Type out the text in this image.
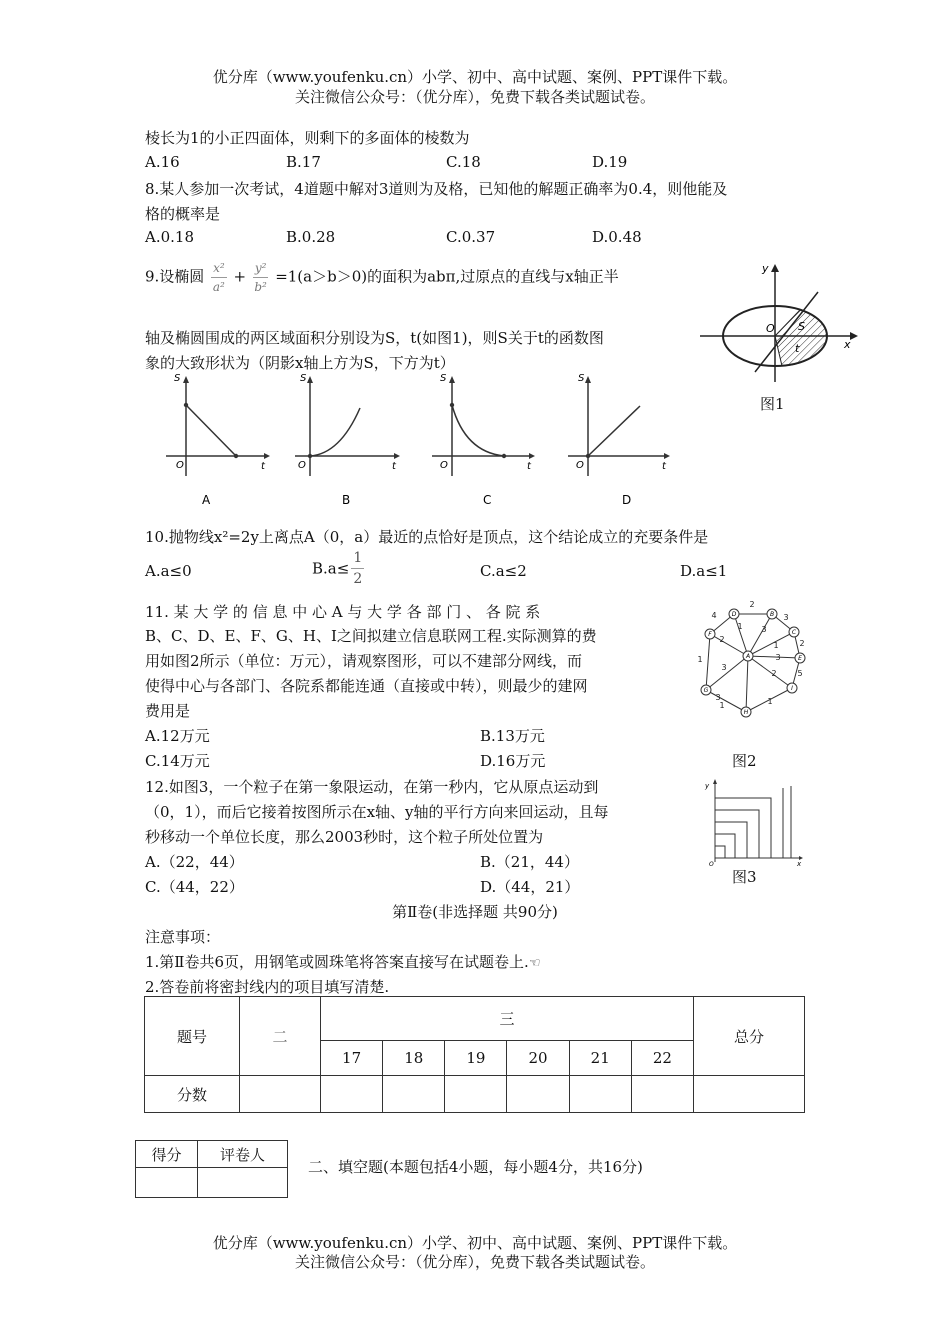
优分库（www.youfenku.cn）小学、初中、高中试题、案例、PPT课件下载。
关注微信公众号：（优分库），免费下载各类试题试卷。
棱长为1的小正四面体，则剩下的多面体的棱数为
A.16	B.17	C.18	D.19
8.某人参加一次考试，4道题中解对3道则为及格，已知他的解题正确率为0.4，则他能及
格的概率是
A.0.18	B.0.28	C.0.37	D.0.48
9.设椭圆 $\frac{\text{x²}}{\text{a²}} + \frac{\text{y²}}{\text{b²}} =1(a>b>0)$的面积为abπ,过原点的直线与x轴正半
轴及椭圆围成的两区域面积分别设为S，t(如图1)，则S关于t的函数图
象的大致形状为（阴影x轴上方为S，下方为t）
O
y
x
S
t
图1
S
O	t
A
S
O	t
B
S
O	t
C
S
O	t
D
10.抛物线x²=2y上离点A（0，a）最近的点恰好是顶点，这个结论成立的充要条件是
A.a≤0	$B.a\le \frac{1}{2}$	C.a≤2	D.a≤1
11. 某 大 学 的 信 息 中 心 A 与 大 学 各 部 门 、 各 院 系
B、C、D、E、F、G、H、I之间拟建立信息联网工程.实际测算的费
用如图2所示（单位：万元），请观察图形，可以不建部分网线，而
使得中心与各部门、各院系都能连通（直接或中转），则最少的建网
费用是
A.12万元	B.13万元
C.14万元	D.16万元
A
B
C
D
E
F
G
H
I
2
4
1
2
3
3
1	2
3
2	5
3
1
3
1	1
图2
12.如图3，一个粒子在第一象限运动，在第一秒内，它从原点运动到
（0，1），而后它接着按图所示在x轴、y轴的平行方向来回运动，且每
秒移动一个单位长度，那么2003秒时，这个粒子所处位置为
A.（22，44）	B.（21，44）
C.（44，22）	D.（44，21）
y
x
O
图3
第Ⅱ卷(非选择题 共90分)
注意事项：
1.第Ⅱ卷共6页，用钢笔或圆珠笔将答案直接写在试题卷上.☜
2.答卷前将密封线内的项目填写清楚.
题号	二	三						总分
		17	18	19	20	21	22	
分数								
得分	评卷人

二、填空题(本题包括4小题，每小题4分，共16分)
优分库（www.youfenku.cn）小学、初中、高中试题、案例、PPT课件下载。
关注微信公众号：（优分库），免费下载各类试题试卷。
